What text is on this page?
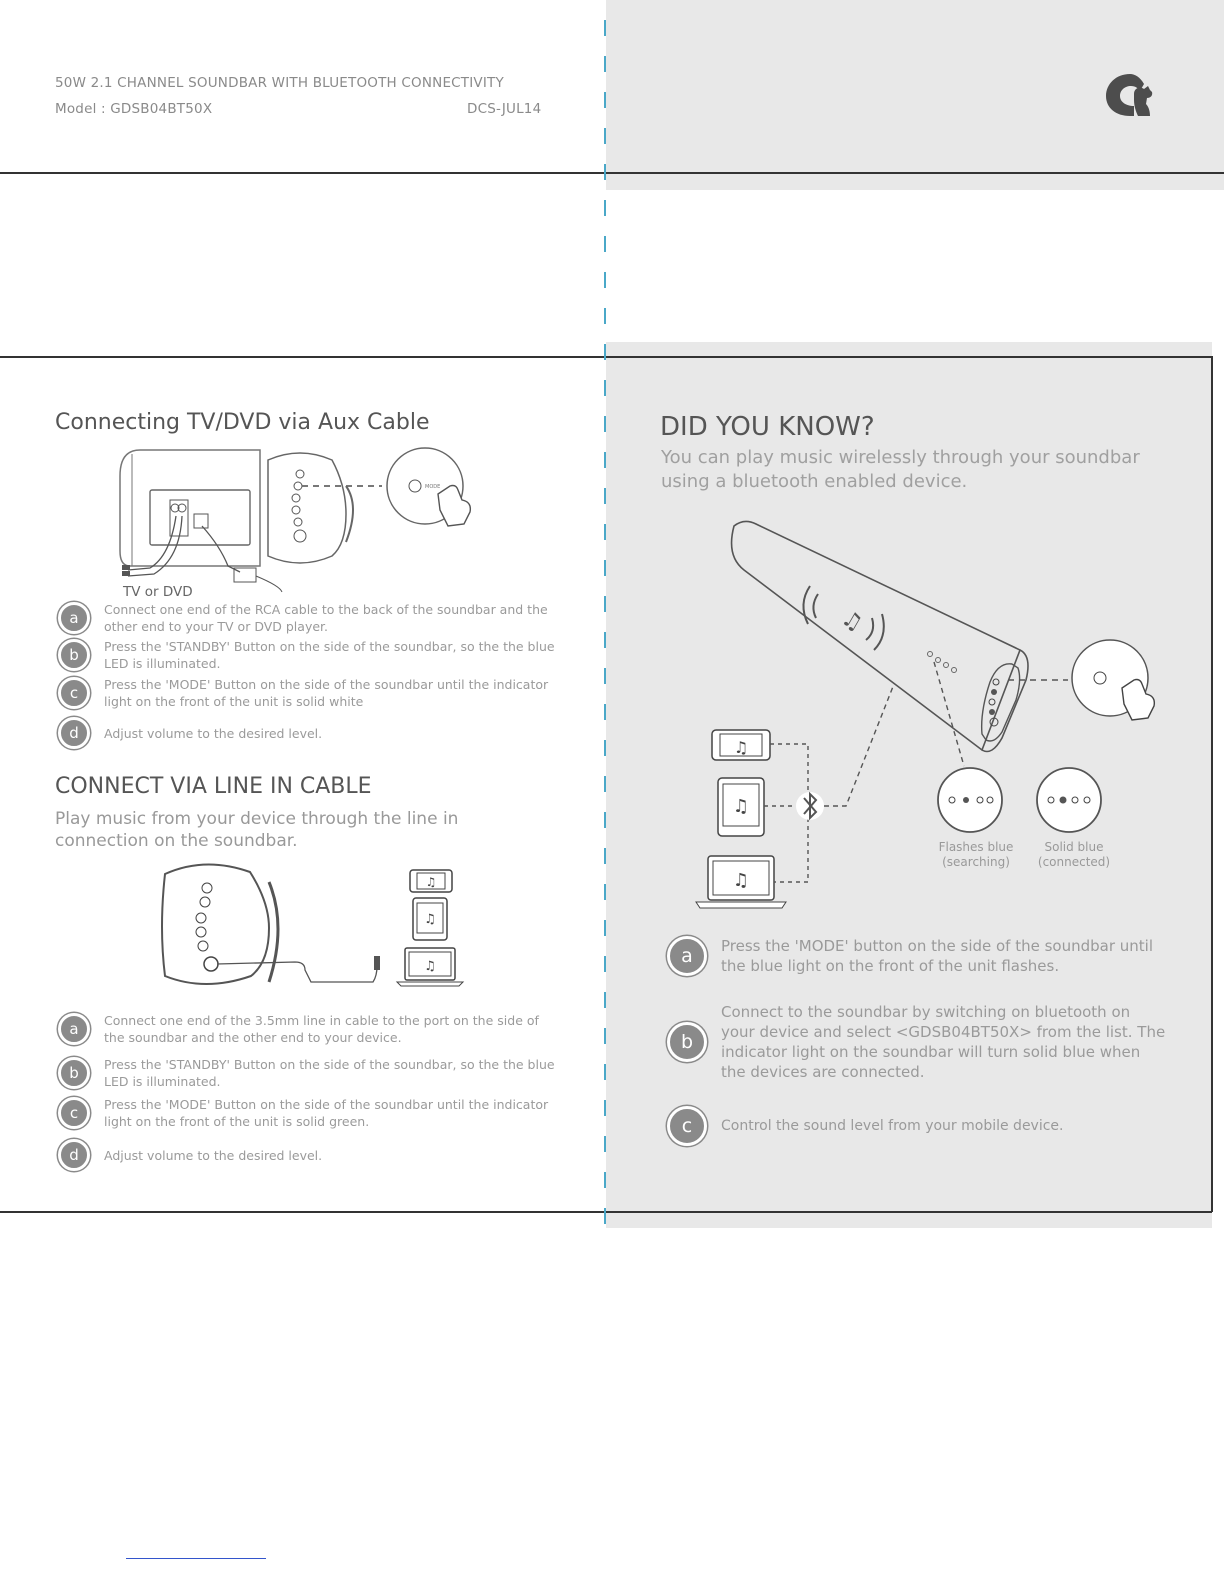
50W 2.1 CHANNEL SOUNDBAR WITH BLUETOOTH CONNECTIVITY
Model : GDSB04BT50X	DCS-JUL14
Connecting TV/DVD via Aux Cable
MODE
TV or DVD
a	Connect one end of the RCA cable to the back of the soundbar and the other end to your TV or DVD player.
b	Press the 'STANDBY' Button on the side of the soundbar, so the the blue LED is illuminated.
c	Press the 'MODE' Button on the side of the soundbar until the indicator light on the front of the unit is solid white
d	Adjust volume to the desired level.
CONNECT VIA LINE IN CABLE
Play music from your device through the line in connection on the soundbar.
♫
♫
♫
a	Connect one end of the 3.5mm line in cable to the port on the side of the soundbar and the other end to your device.
b	Press the 'STANDBY' Button on the side of the soundbar, so the the blue LED is illuminated.
c	Press the 'MODE' Button on the side of the soundbar until the indicator light on the front of the unit is solid green.
d	Adjust volume to the desired level.
DID YOU KNOW?
You can play music wirelessly through your soundbar using a bluetooth enabled device.
♫
♫
♫
♫
Flashes blue
(searching)
Solid blue
(connected)
a	Press the 'MODE' button on the side of the soundbar until the blue light on the front of the unit flashes.
b
Connect to the soundbar by switching on bluetooth on your device and select <GDSB04BT50X> from the list. The indicator light on the soundbar will turn solid blue when the devices are connected.
c	Control the sound level from your mobile device.
